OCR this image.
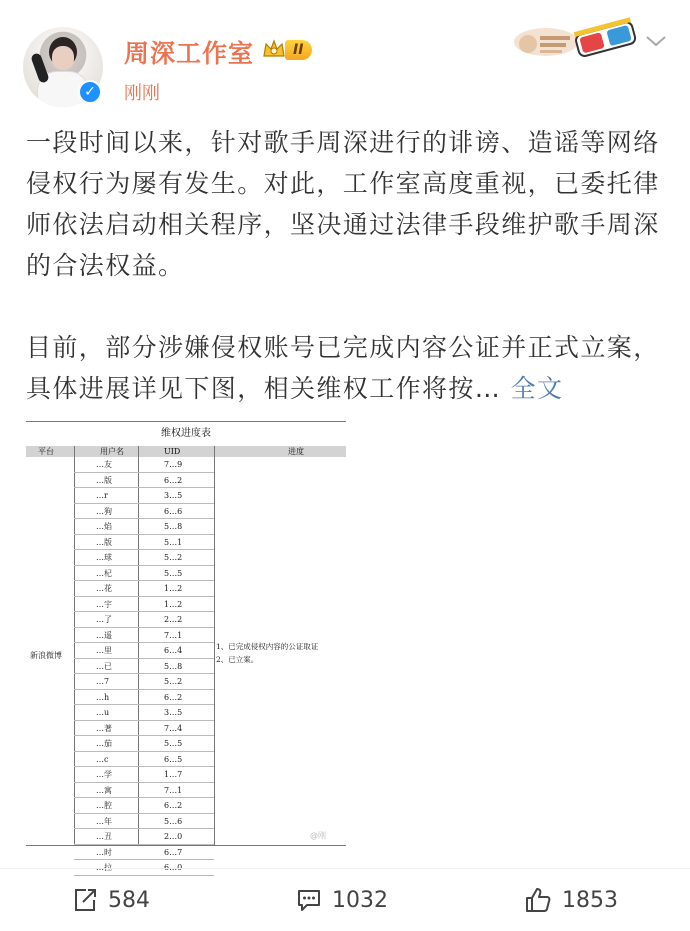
✓
周深工作室	II
刚刚

一段时间以来，针对歌手周深进行的诽谤、造谣等网络侵权行为屡有发生。对此，工作室高度重视，已委托律师依法启动相关程序，坚决通过法律手段维护歌手周深的合法权益。

目前，部分涉嫌侵权账号已完成内容公证并正式立案，具体进展详见下图，相关维权工作将按… 全文

维权进度表
平台	用户名	UID	进度
新浪微博
…友	7…9
…版	6…2
…r	3…5
…狗	6…6
…焰	5…8
…版	5…1
…球	5…2
…杞	5…5
…花	1…2
…宇	1…2
…了	2…2
…遥	7…1
…里	6…4
…已	5…8
…7	5…2
…h	6…2
…u	3…5
…著	7…4
…茄	5…5
…c	6…5
…学	1…7
…寓	7…1
…腔	6…2
…年	5…6
…丑	2…0
…时	6…7
…拉	6…0
1、已完成侵权内容的公证取证
2、已立案。
@刚
584	1032	1853
